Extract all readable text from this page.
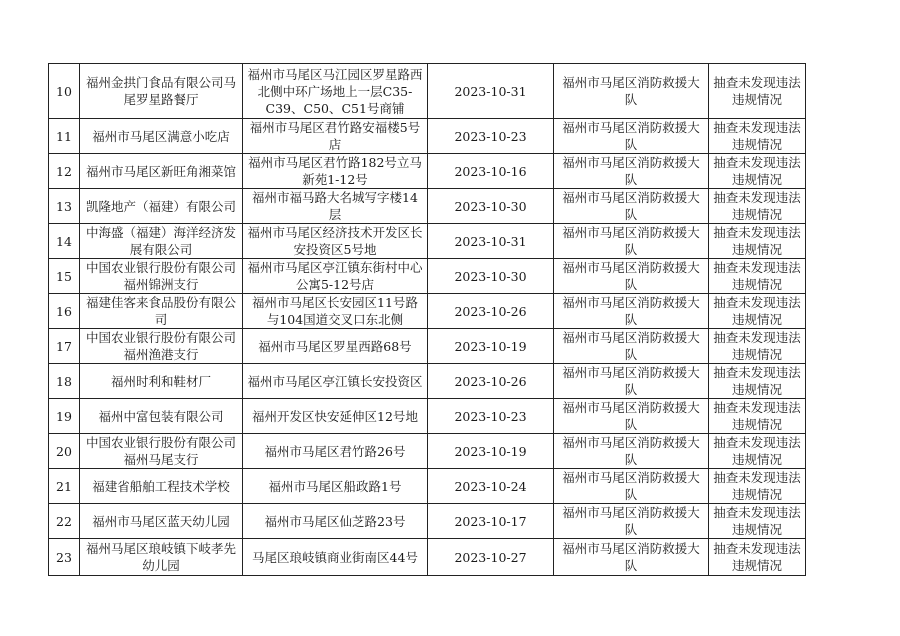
10	福州金拱门食品有限公司马尾罗星路餐厅	福州市马尾区马江园区罗星路西北侧中环广场地上一层C35-C39、C50、C51号商铺	2023-10-31	福州市马尾区消防救援大队	抽查未发现违法违规情况
11	福州市马尾区满意小吃店	福州市马尾区君竹路安福楼5号店	2023-10-23	福州市马尾区消防救援大队	抽查未发现违法违规情况
12	福州市马尾区新旺角湘菜馆	福州市马尾区君竹路182号立马新苑1-12号	2023-10-16	福州市马尾区消防救援大队	抽查未发现违法违规情况
13	凯隆地产（福建）有限公司	福州市福马路大名城写字楼14层	2023-10-30	福州市马尾区消防救援大队	抽查未发现违法违规情况
14	中海盛（福建）海洋经济发展有限公司	福州市马尾区经济技术开发区长安投资区5号地	2023-10-31	福州市马尾区消防救援大队	抽查未发现违法违规情况
15	中国农业银行股份有限公司福州锦洲支行	福州市马尾区亭江镇东街村中心公寓5-12号店	2023-10-30	福州市马尾区消防救援大队	抽查未发现违法违规情况
16	福建佳客来食品股份有限公司	福州市马尾区长安园区11号路与104国道交叉口东北侧	2023-10-26	福州市马尾区消防救援大队	抽查未发现违法违规情况
17	中国农业银行股份有限公司福州渔港支行	福州市马尾区罗星西路68号	2023-10-19	福州市马尾区消防救援大队	抽查未发现违法违规情况
18	福州时利和鞋材厂	福州市马尾区亭江镇长安投资区	2023-10-26	福州市马尾区消防救援大队	抽查未发现违法违规情况
19	福州中富包装有限公司	福州开发区快安延伸区12号地	2023-10-23	福州市马尾区消防救援大队	抽查未发现违法违规情况
20	中国农业银行股份有限公司福州马尾支行	福州市马尾区君竹路26号	2023-10-19	福州市马尾区消防救援大队	抽查未发现违法违规情况
21	福建省船舶工程技术学校	福州市马尾区船政路1号	2023-10-24	福州市马尾区消防救援大队	抽查未发现违法违规情况
22	福州市马尾区蓝天幼儿园	福州市马尾区仙芝路23号	2023-10-17	福州市马尾区消防救援大队	抽查未发现违法违规情况
23	福州马尾区琅岐镇下岐孝先幼儿园	马尾区琅岐镇商业街南区44号	2023-10-27	福州市马尾区消防救援大队	抽查未发现违法违规情况
